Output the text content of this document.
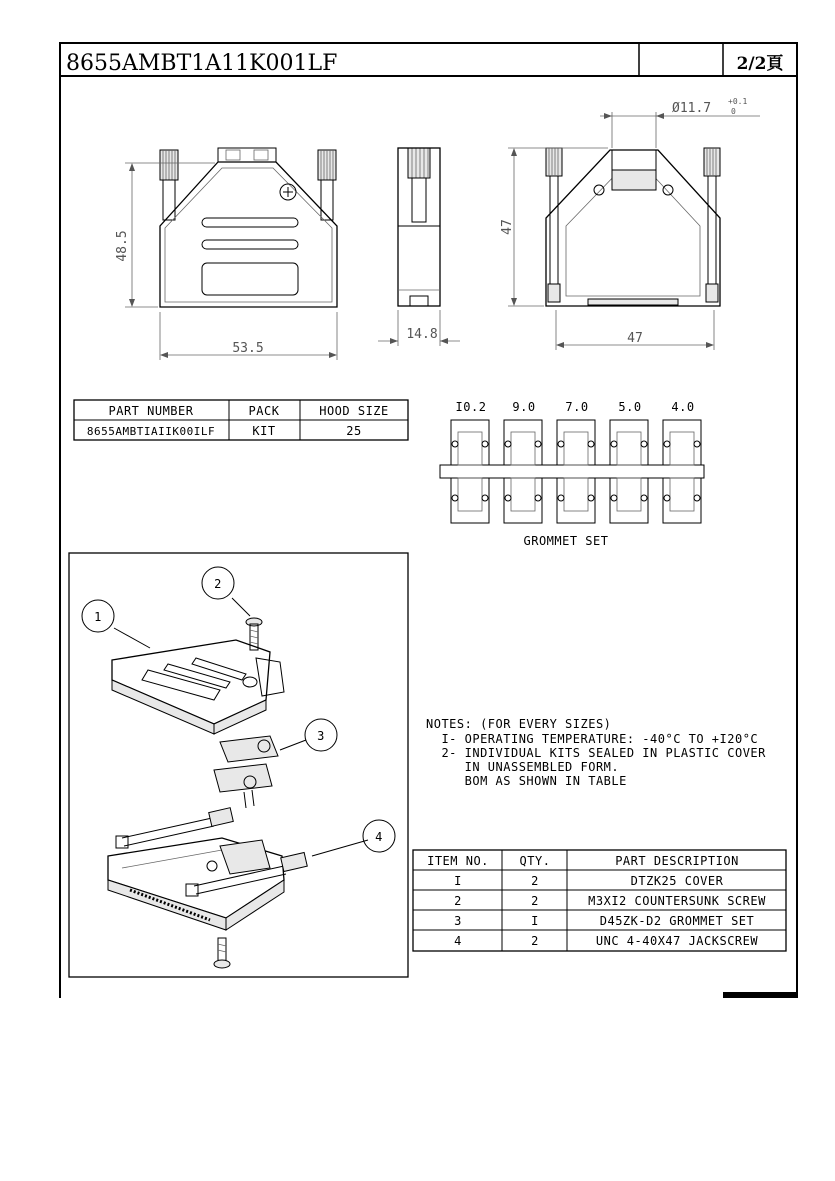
8655AMBT1A11K001LF	2/2頁
48.5
53.5
14.8
Ø11.7 +0.1
0
47
47
PART NUMBER	PACK	HOOD SIZE
8655AMBTIAIIK00ILF	KIT	25
I0.2 9.0 7.0 5.0 4.0
GROMMET SET
1
2
3
4
NOTES: (FOR EVERY SIZES)
I- OPERATING TEMPERATURE: -40°C TO +I20°C
2- INDIVIDUAL KITS SEALED IN PLASTIC COVER
IN UNASSEMBLED FORM.
BOM AS SHOWN IN TABLE
ITEM NO.	QTY.	PART DESCRIPTION
I	2	DTZK25 COVER
2	2	M3XI2 COUNTERSUNK SCREW
3	I	D45ZK-D2 GROMMET SET
4	2	UNC 4-40X47 JACKSCREW
